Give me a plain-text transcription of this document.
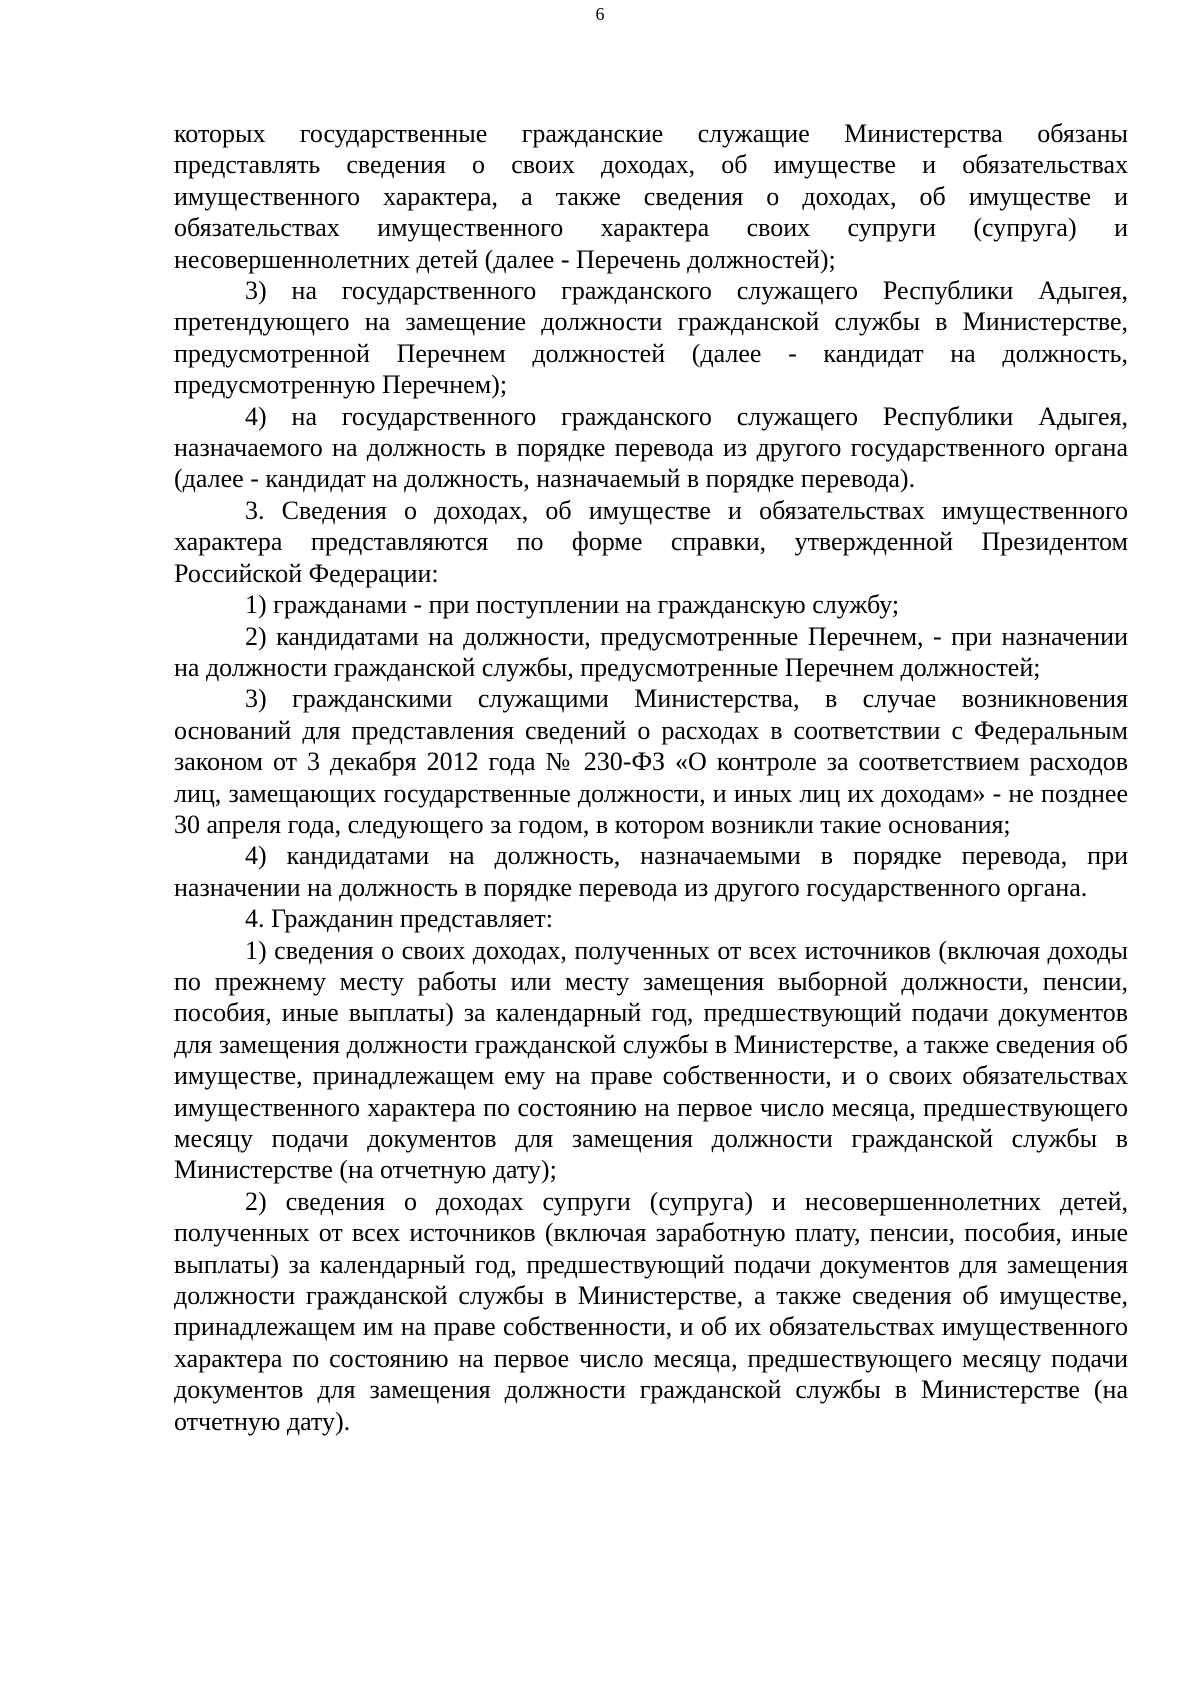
6

которых государственные гражданские служащие Министерства обязаны представлять сведения о своих доходах, об имуществе и обязательствах имущественного характера, а также сведения о доходах, об имуществе и обязательствах имущественного характера своих супруги (супруга) и несовершеннолетних детей (далее - Перечень должностей);

3) на государственного гражданского служащего Республики Адыгея, претендующего на замещение должности гражданской службы в Министерстве, предусмотренной Перечнем должностей (далее - кандидат на должность, предусмотренную Перечнем);

4) на государственного гражданского служащего Республики Адыгея, назначаемого на должность в порядке перевода из другого государственного органа (далее - кандидат на должность, назначаемый в порядке перевода).

3. Сведения о доходах, об имуществе и обязательствах имущественного характера представляются по форме справки, утвержденной Президентом Российской Федерации:

1) гражданами - при поступлении на гражданскую службу;

2) кандидатами на должности, предусмотренные Перечнем, - при назначении на должности гражданской службы, предусмотренные Перечнем должностей;

3) гражданскими служащими Министерства, в случае возникновения оснований для представления сведений о расходах в соответствии с Федеральным законом от 3 декабря 2012 года № 230-ФЗ «О контроле за соответствием расходов лиц, замещающих государственные должности, и иных лиц их доходам» - не позднее 30 апреля года, следующего за годом, в котором возникли такие основания;

4) кандидатами на должность, назначаемыми в порядке перевода, при назначении на должность в порядке перевода из другого государственного органа.

4. Гражданин представляет:

1) сведения о своих доходах, полученных от всех источников (включая доходы по прежнему месту работы или месту замещения выборной должности, пенсии, пособия, иные выплаты) за календарный год, предшествующий подачи документов для замещения должности гражданской службы в Министерстве, а также сведения об имуществе, принадлежащем ему на праве собственности, и о своих обязательствах имущественного характера по состоянию на первое число месяца, предшествующего месяцу подачи документов для замещения должности гражданской службы в Министерстве (на отчетную дату);

2) сведения о доходах супруги (супруга) и несовершеннолетних детей, полученных от всех источников (включая заработную плату, пенсии, пособия, иные выплаты) за календарный год, предшествующий подачи документов для замещения должности гражданской службы в Министерстве, а также сведения об имуществе, принадлежащем им на праве собственности, и об их обязательствах имущественного характера по состоянию на первое число месяца, предшествующего месяцу подачи документов для замещения должности гражданской службы в Министерстве (на отчетную дату).
